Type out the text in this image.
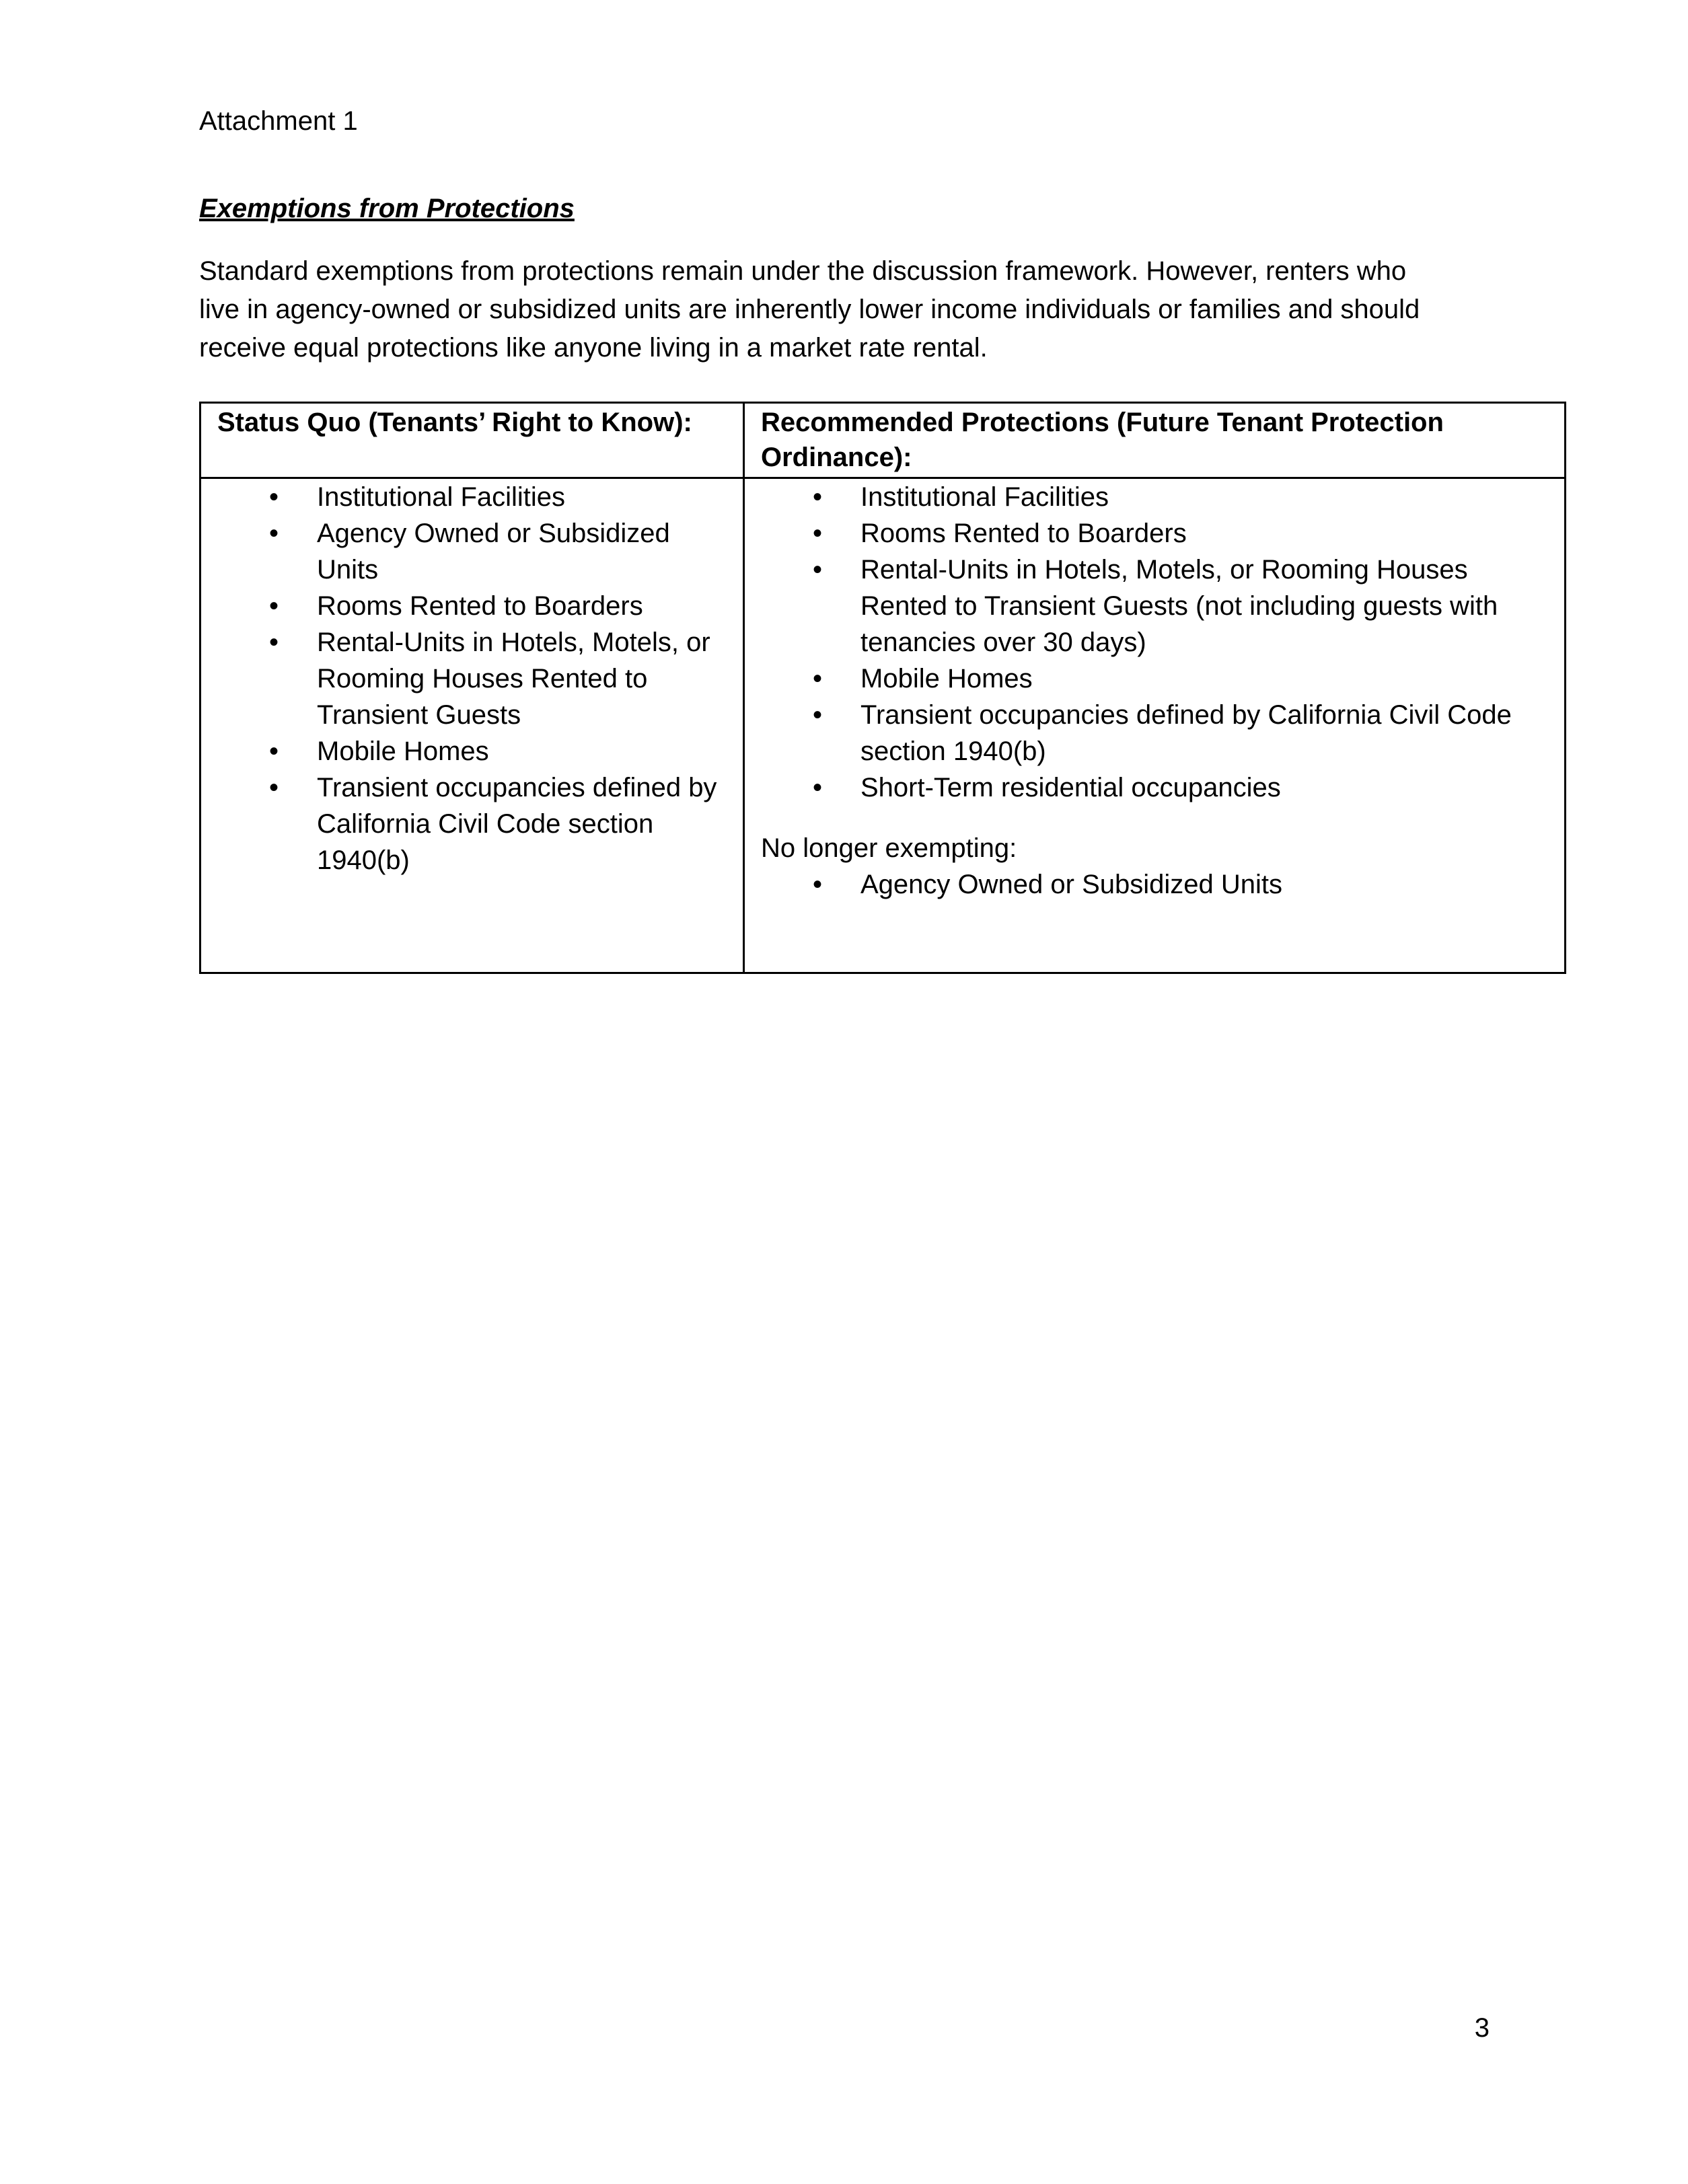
Attachment 1

Exemptions from Protections

Standard exemptions from protections remain under the discussion framework. However, renters who live in agency-owned or subsidized units are inherently lower income individuals or families and should receive equal protections like anyone living in a market rate rental.

Status Quo (Tenants’ Right to Know):	Recommended Protections (Future Tenant Protection Ordinance):

• Institutional Facilities
• Agency Owned or Subsidized Units
• Rooms Rented to Boarders
• Rental-Units in Hotels, Motels, or Rooming Houses Rented to Transient Guests
• Mobile Homes
• Transient occupancies defined by California Civil Code section 1940(b)

• Institutional Facilities
• Rooms Rented to Boarders
• Rental-Units in Hotels, Motels, or Rooming Houses Rented to Transient Guests (not including guests with tenancies over 30 days)
• Mobile Homes
• Transient occupancies defined by California Civil Code section 1940(b)
• Short-Term residential occupancies

No longer exempting:

• Agency Owned or Subsidized Units
3
